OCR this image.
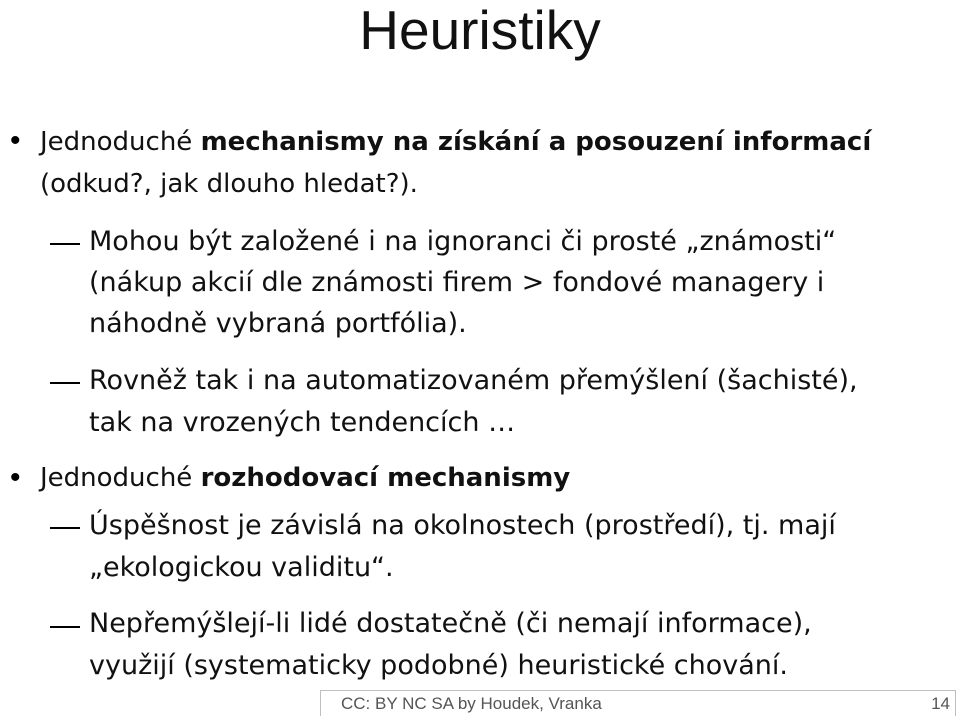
Heuristiky
• Jednoduché mechanismy na získání a posouzení informací
(odkud?, jak dlouho hledat?).
Mohou být založené i na ignoranci či prosté „známosti“
(nákup akcií dle známosti firem > fondové managery i
náhodně vybraná portfólia).
Rovněž tak i na automatizovaném přemýšlení (šachisté),
tak na vrozených tendencích …
• Jednoduché rozhodovací mechanismy
Úspěšnost je závislá na okolnostech (prostředí), tj. mají
„ekologickou validitu“.
Nepřemýšlejí-li lidé dostatečně (či nemají informace),
využijí (systematicky podobné) heuristické chování.
CC: BY NC SA by Houdek, Vranka	14
